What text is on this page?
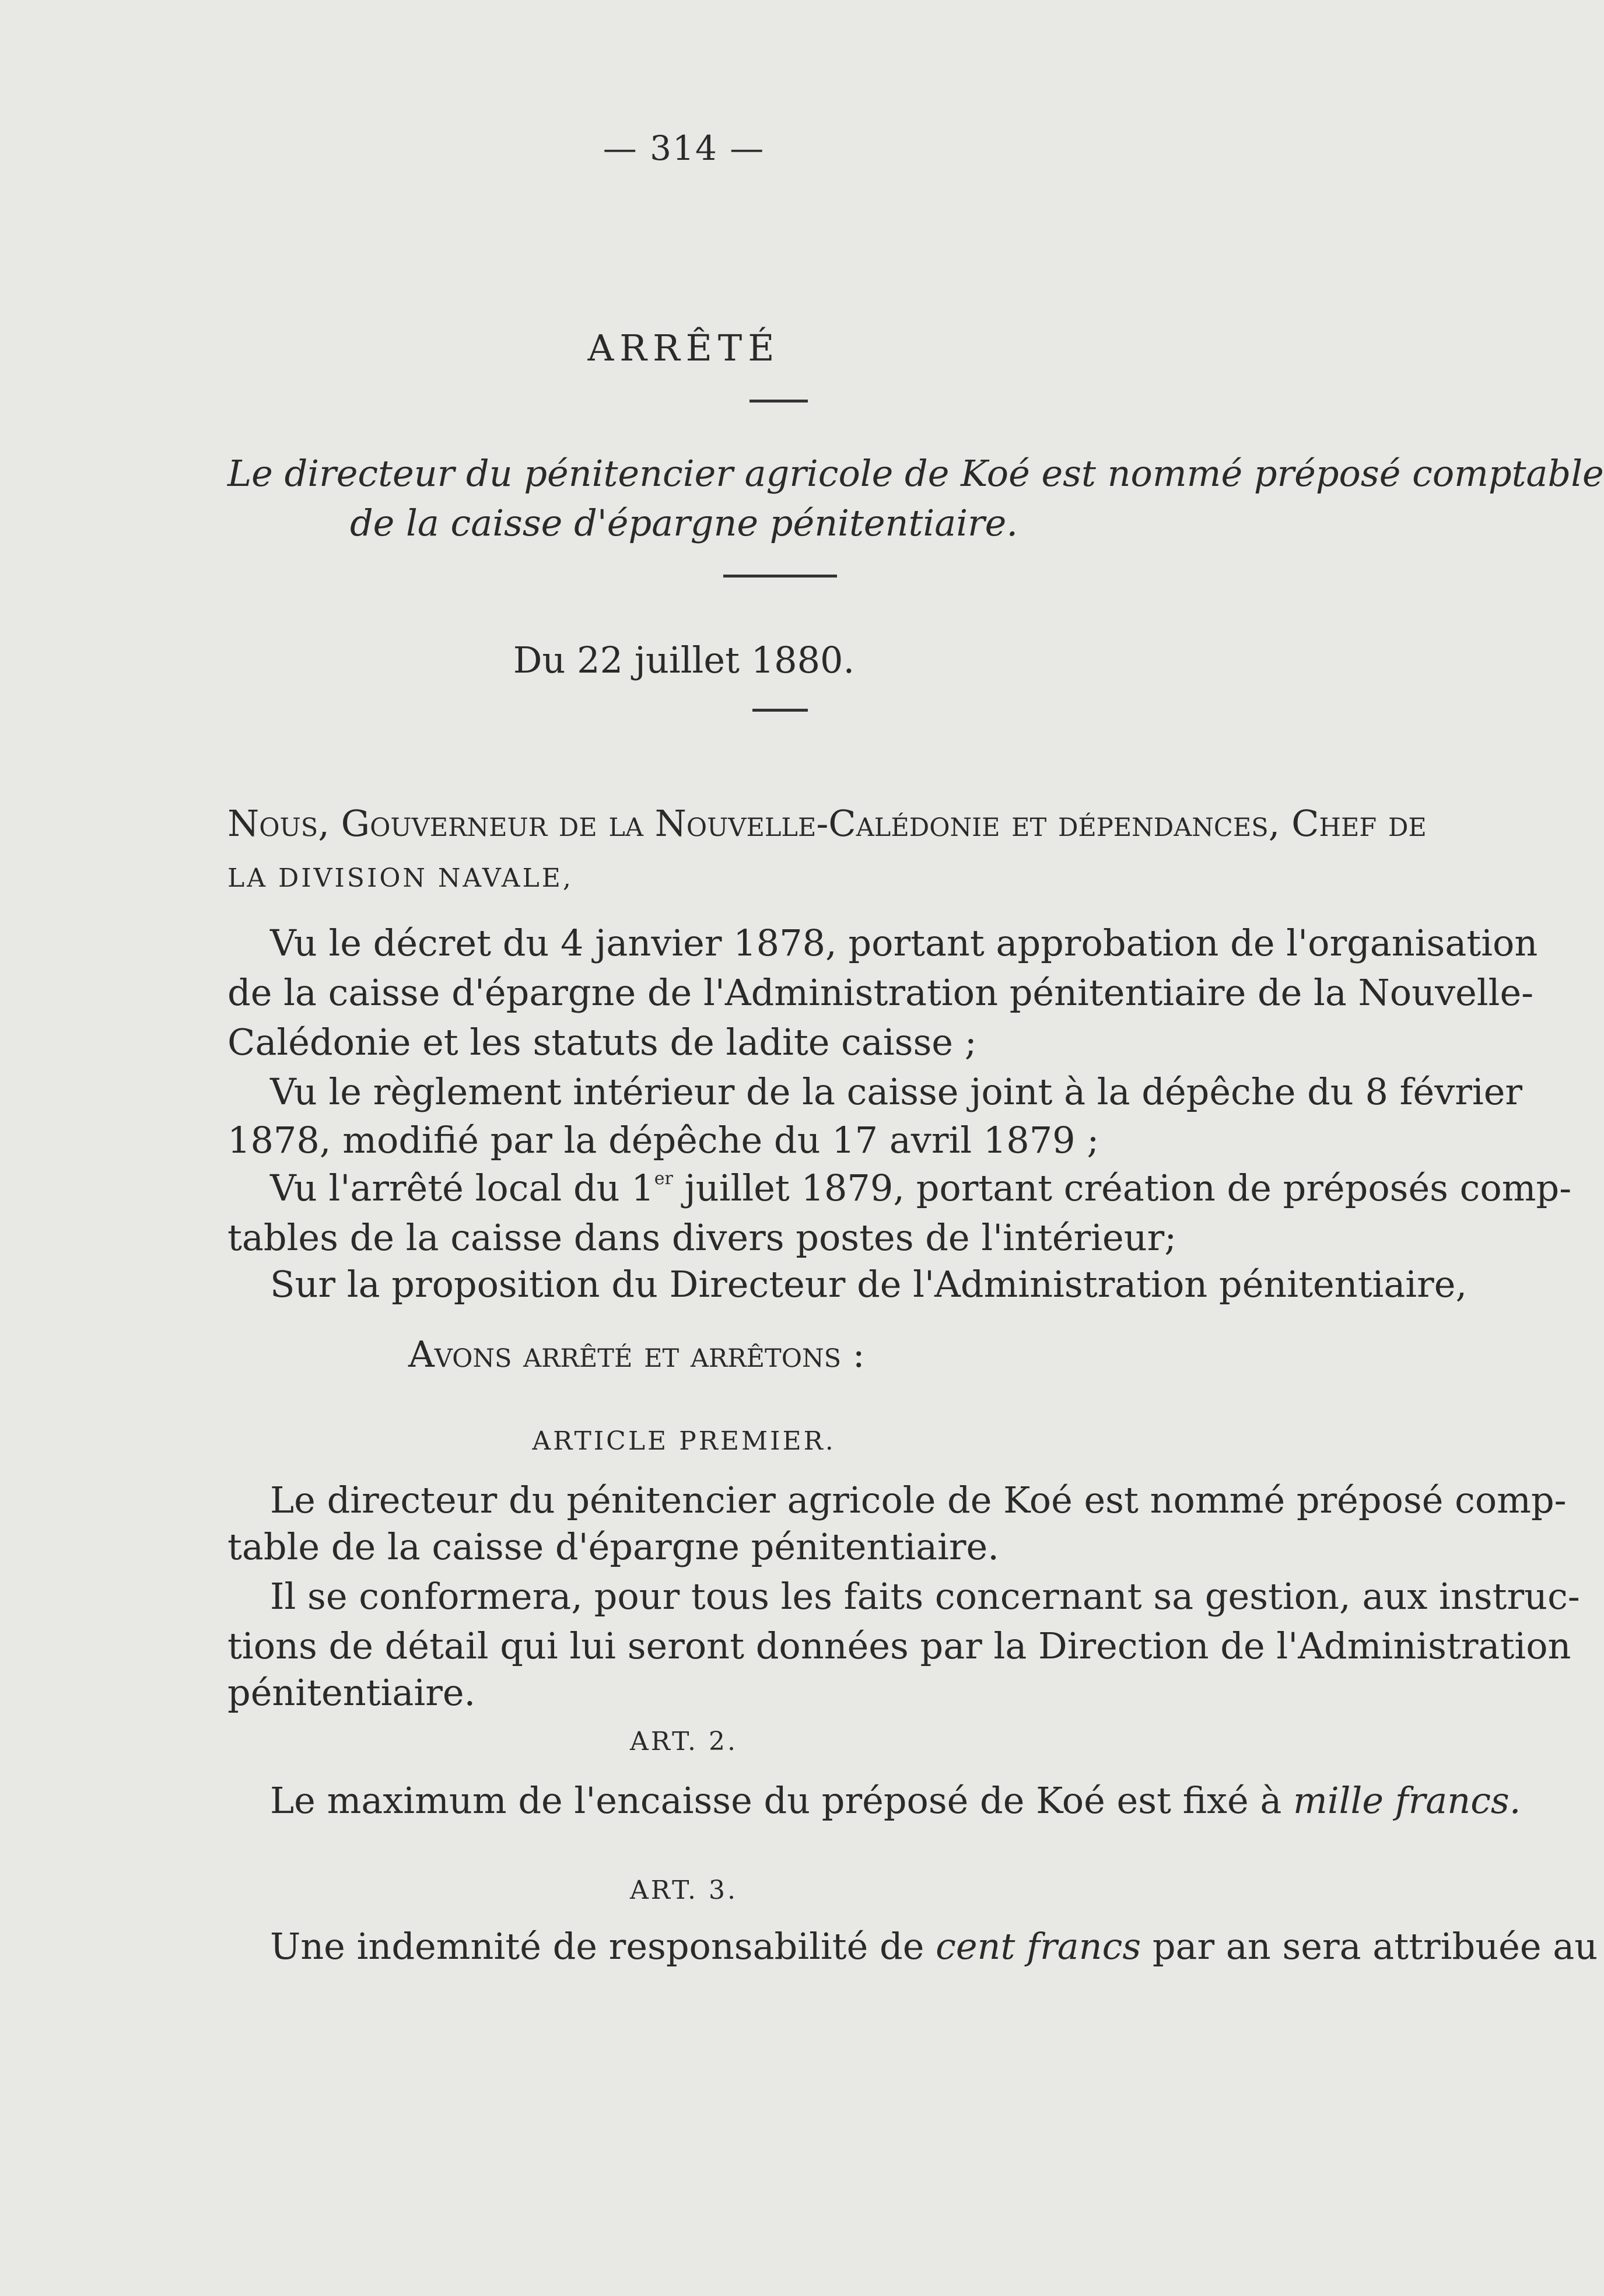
— 314 —
ARRÊTÉ
Le directeur du pénitencier agricole de Koé est nommé préposé comptable
de la caisse d'épargne pénitentiaire.
Du 22 juillet 1880.
Nous, Gouverneur de la Nouvelle-Calédonie et dépendances, Chef de
LA DIVISION NAVALE,
Vu le décret du 4 janvier 1878, portant approbation de l'organisation
de la caisse d'épargne de l'Administration pénitentiaire de la Nouvelle-
Calédonie et les statuts de ladite caisse ;
Vu le règlement intérieur de la caisse joint à la dépêche du 8 février
1878, modifié par la dépêche du 17 avril 1879 ;
Vu l'arrêté local du 1er juillet 1879, portant création de préposés comp-
tables de la caisse dans divers postes de l'intérieur;
Sur la proposition du Directeur de l'Administration pénitentiaire,
Avons arrêté et arrêtons :
ARTICLE PREMIER.
Le directeur du pénitencier agricole de Koé est nommé préposé comp-
table de la caisse d'épargne pénitentiaire.
Il se conformera, pour tous les faits concernant sa gestion, aux instruc-
tions de détail qui lui seront données par la Direction de l'Administration
pénitentiaire.
ART. 2.
Le maximum de l'encaisse du préposé de Koé est fixé à mille francs.
ART. 3.
Une indemnité de responsabilité de cent francs par an sera attribuée au
